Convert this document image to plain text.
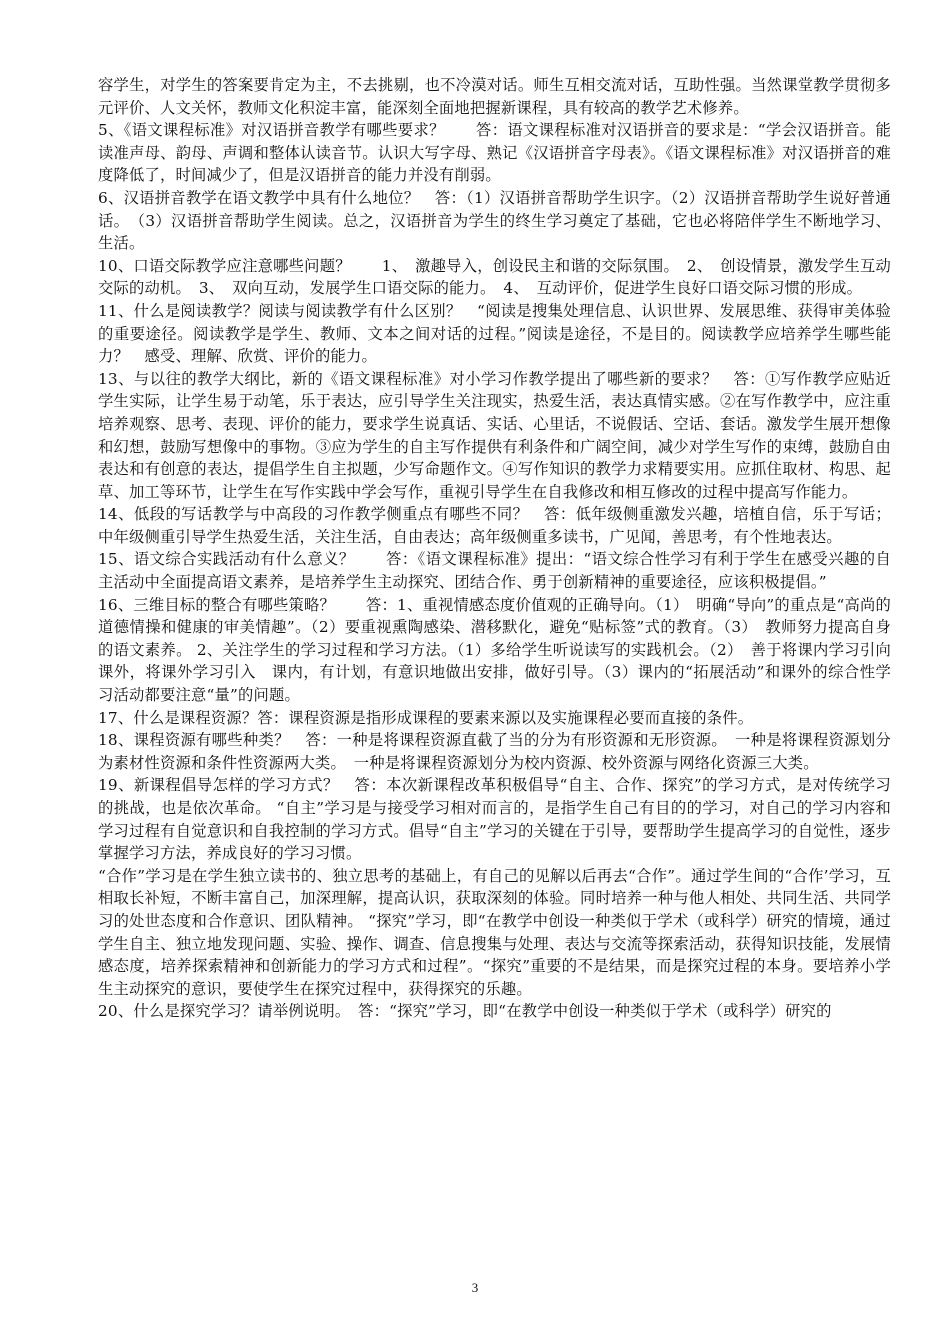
容学生，对学生的答案要肯定为主，不去挑剔，也不冷漠对话。师生互相交流对话，互助性强。当然课堂教学贯彻多元评价、人文关怀，教师文化积淀丰富，能深刻全面地把握新课程，具有较高的教学艺术修养。

5、《语文课程标准》对汉语拼音教学有哪些要求？　　答：语文课程标准对汉语拼音的要求是：“学会汉语拼音。能读准声母、韵母、声调和整体认读音节。认识大写字母、熟记《汉语拼音字母表》。《语文课程标准》对汉语拼音的难度降低了，时间减少了，但是汉语拼音的能力并没有削弱。

6、汉语拼音教学在语文教学中具有什么地位？　答：（1）汉语拼音帮助学生识字。（2）汉语拼音帮助学生说好普通话。　（3）汉语拼音帮助学生阅读。总之，汉语拼音为学生的终生学习奠定了基础，它也必将陪伴学生不断地学习、生活。

10、口语交际教学应注意哪些问题？　　1、　激趣导入，创设民主和谐的交际氛围。　2、　创设情景，激发学生互动交际的动机。　3、　双向互动，发展学生口语交际的能力。　4、　互动评价，促进学生良好口语交际习惯的形成。

11、什么是阅读教学？阅读与阅读教学有什么区别？　“阅读是搜集处理信息、认识世界、发展思维、获得审美体验的重要途径。阅读教学是学生、教师、文本之间对话的过程。”阅读是途径，不是目的。阅读教学应培养学生哪些能力？　感受、理解、欣赏、评价的能力。

13、与以往的教学大纲比，新的《语文课程标准》对小学习作教学提出了哪些新的要求？　答：①写作教学应贴近学生实际，让学生易于动笔，乐于表达，应引导学生关注现实，热爱生活，表达真情实感。②在写作教学中，应注重培养观察、思考、表现、评价的能力，要求学生说真话、实话、心里话，不说假话、空话、套话。激发学生展开想像和幻想，鼓励写想像中的事物。③应为学生的自主写作提供有利条件和广阔空间，减少对学生写作的束缚，鼓励自由表达和有创意的表达，提倡学生自主拟题，少写命题作文。④写作知识的教学力求精要实用。应抓住取材、构思、起草、加工等环节，让学生在写作实践中学会写作，重视引导学生在自我修改和相互修改的过程中提高写作能力。

14、低段的写话教学与中高段的习作教学侧重点有哪些不同？　答：低年级侧重激发兴趣，培植自信，乐于写话；中年级侧重引导学生热爱生活，关注生活，自由表达；高年级侧重多读书，广见闻，善思考，有个性地表达。

15、语文综合实践活动有什么意义？　　答：《语文课程标准》提出：“语文综合性学习有利于学生在感受兴趣的自主活动中全面提高语文素养，是培养学生主动探究、团结合作、勇于创新精神的重要途径，应该积极提倡。”

16、三维目标的整合有哪些策略？　　答：1、重视情感态度价值观的正确导向。（1）　明确“导向”的重点是“高尚的道德情操和健康的审美情趣”。（2）要重视熏陶感染、潜移默化，避免“贴标签”式的教育。（3）　教师努力提高自身的语文素养。 2、关注学生的学习过程和学习方法。（1）多给学生听说读写的实践机会。（2）　善于将课内学习引向课外，将课外学习引入　课内，有计划，有意识地做出安排，做好引导。（3）课内的“拓展活动”和课外的综合性学习活动都要注意“量”的问题。

17、什么是课程资源？答：课程资源是指形成课程的要素来源以及实施课程必要而直接的条件。

18、课程资源有哪些种类？　答：一种是将课程资源直截了当的分为有形资源和无形资源。　一种是将课程资源划分为素材性资源和条件性资源两大类。　一种是将课程资源划分为校内资源、校外资源与网络化资源三大类。

19、新课程倡导怎样的学习方式？　答：本次新课程改革积极倡导“自主、合作、探究”的学习方式，是对传统学习的挑战，也是依次革命。 “自主”学习是与接受学习相对而言的，是指学生自己有目的的学习，对自己的学习内容和学习过程有自觉意识和自我控制的学习方式。倡导“自主”学习的关键在于引导，要帮助学生提高学习的自觉性，逐步掌握学习方法，养成良好的学习习惯。

“合作”学习是在学生独立读书的、独立思考的基础上，有自己的见解以后再去“合作”。通过学生间的“合作’学习，互相取长补短，不断丰富自己，加深理解，提高认识，获取深刻的体验。同时培养一种与他人相处、共同生活、共同学习的处世态度和合作意识、团队精神。 “探究”学习，即“在教学中创设一种类似于学术（或科学）研究的情境，通过学生自主、独立地发现问题、实验、操作、调查、信息搜集与处理、表达与交流等探索活动，获得知识技能，发展情感态度，培养探索精神和创新能力的学习方式和过程”。“探究”重要的不是结果，而是探究过程的本身。要培养小学生主动探究的意识，要使学生在探究过程中，获得探究的乐趣。

20、什么是探究学习？请举例说明。　答：“探究”学习，即“在教学中创设一种类似于学术（或科学）研究的

3
